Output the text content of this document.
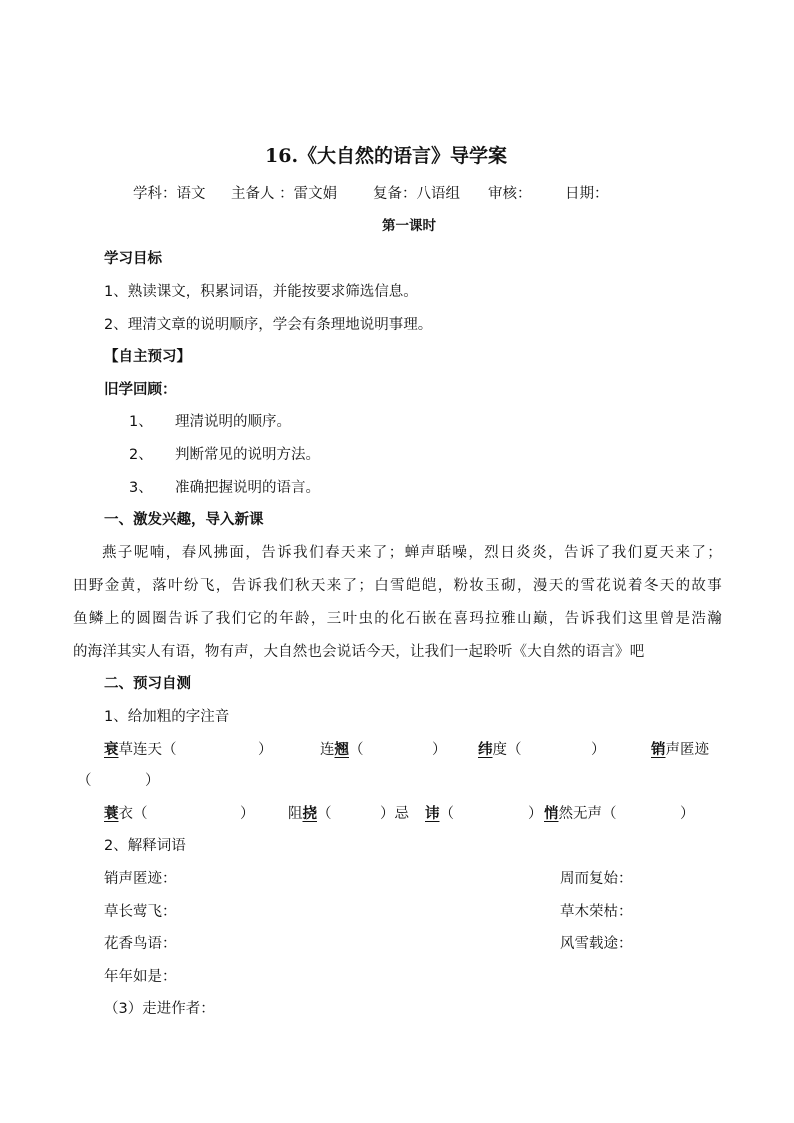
16.《大自然的语言》导学案
学科：语文 主备人 ：雷文娟 复备：八语组 审核： 日期：
第一课时
学习目标
1、熟读课文，积累词语，并能按要求筛选信息。
2、理清文章的说明顺序，学会有条理地说明事理。
【自主预习】
旧学回顾：
1、 理清说明的顺序。
2、 判断常见的说明方法。
3、 准确把握说明的语言。
一、激发兴趣，导入新课
燕子呢喃，春风拂面，告诉我们春天来了；蝉声聒噪，烈日炎炎，告诉了我们夏天来了；
田野金黄，落叶纷飞，告诉我们秋天来了；白雪皑皑，粉妆玉砌，漫天的雪花说着冬天的故事
鱼鳞上的圆圈告诉了我们它的年龄，三叶虫的化石嵌在喜玛拉雅山巅，告诉我们这里曾是浩瀚
的海洋其实人有语，物有声，大自然也会说话今天，让我们一起聆听《大自然的语言》吧
二、预习自测
1、给加粗的字注音
衰草连天（	）	连翘（	） 纬度（	）	销声匿迹
（	）
蓑衣（	） 阻挠（	）忌 讳（	） 悄然无声（	）
2、解释词语
销声匿迹：	周而复始：
草长莺飞：	草木荣枯：
花香鸟语：	风雪载途：
年年如是：
（3）走进作者：
